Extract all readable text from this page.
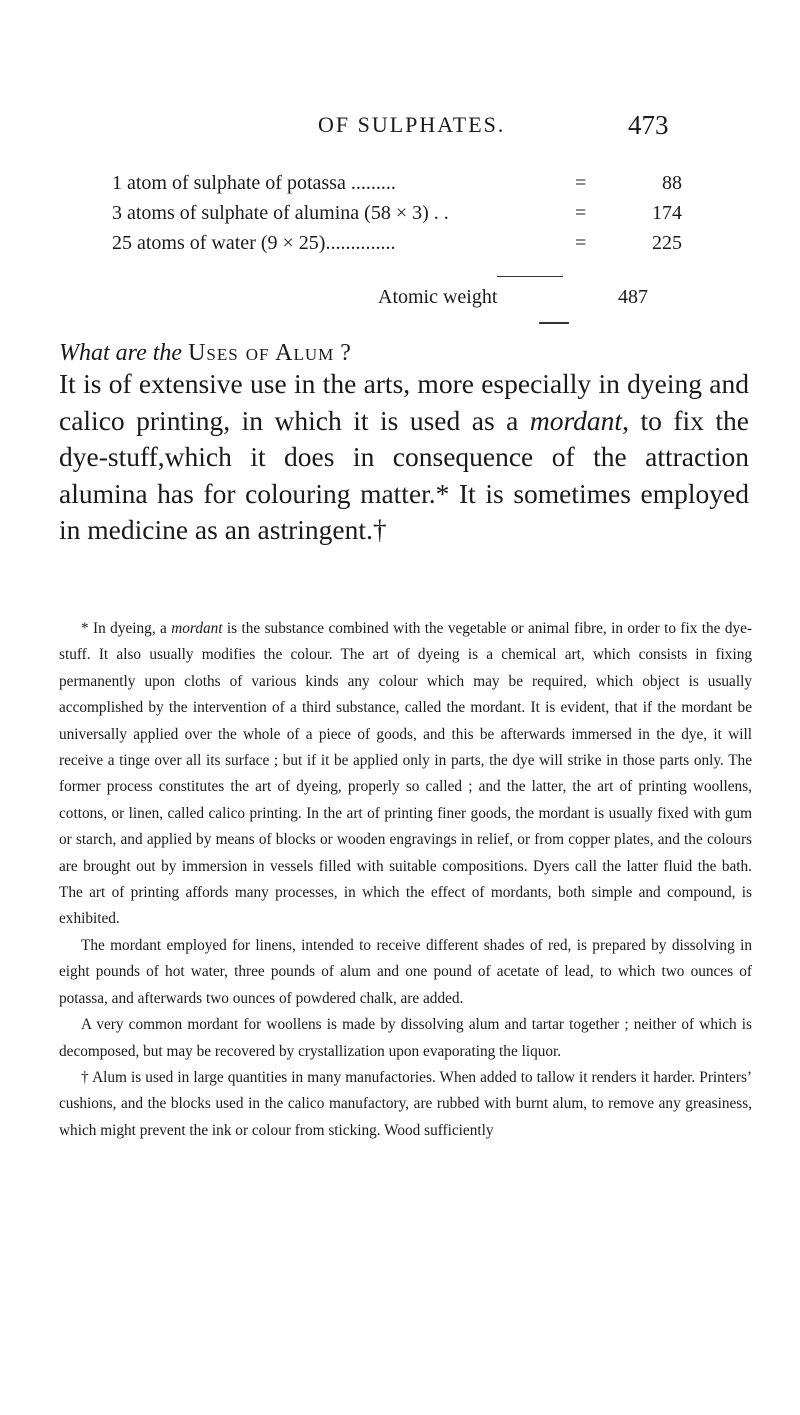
OF SULPHATES.	473
1 atom of sulphate of potassa .........	=	88
3 atoms of sulphate of alumina (58 × 3) . .	=	174
25 atoms of water (9 × 25)..............	=	225
Atomic weight	487
What are the Uses of Alum ?

It is of extensive use in the arts, more especially in dyeing and calico printing, in which it is used as a mordant, to fix the dye-stuff,which it does in consequence of the attraction alumina has for colouring matter.* It is sometimes employed in medicine as an astringent.†

* In dyeing, a mordant is the substance combined with the vegetable or animal fibre, in order to fix the dye-stuff. It also usually modifies the colour. The art of dyeing is a chemical art, which consists in fixing permanently upon cloths of various kinds any colour which may be required, which object is usually accomplished by the intervention of a third substance, called the mordant. It is evident, that if the mordant be universally applied over the whole of a piece of goods, and this be afterwards immersed in the dye, it will receive a tinge over all its surface ; but if it be applied only in parts, the dye will strike in those parts only. The former process constitutes the art of dyeing, properly so called ; and the latter, the art of printing woollens, cottons, or linen, called calico printing. In the art of printing finer goods, the mordant is usually fixed with gum or starch, and applied by means of blocks or wooden engravings in relief, or from copper plates, and the colours are brought out by immersion in vessels filled with suitable compositions. Dyers call the latter fluid the bath. The art of printing affords many processes, in which the effect of mordants, both simple and compound, is exhibited.

The mordant employed for linens, intended to receive different shades of red, is prepared by dissolving in eight pounds of hot water, three pounds of alum and one pound of acetate of lead, to which two ounces of potassa, and afterwards two ounces of powdered chalk, are added.

A very common mordant for woollens is made by dissolving alum and tartar together ; neither of which is decomposed, but may be recovered by crystallization upon evaporating the liquor.

† Alum is used in large quantities in many manufactories. When added to tallow it renders it harder. Printers’ cushions, and the blocks used in the calico manufactory, are rubbed with burnt alum, to remove any greasiness, which might prevent the ink or colour from sticking. Wood sufficiently
